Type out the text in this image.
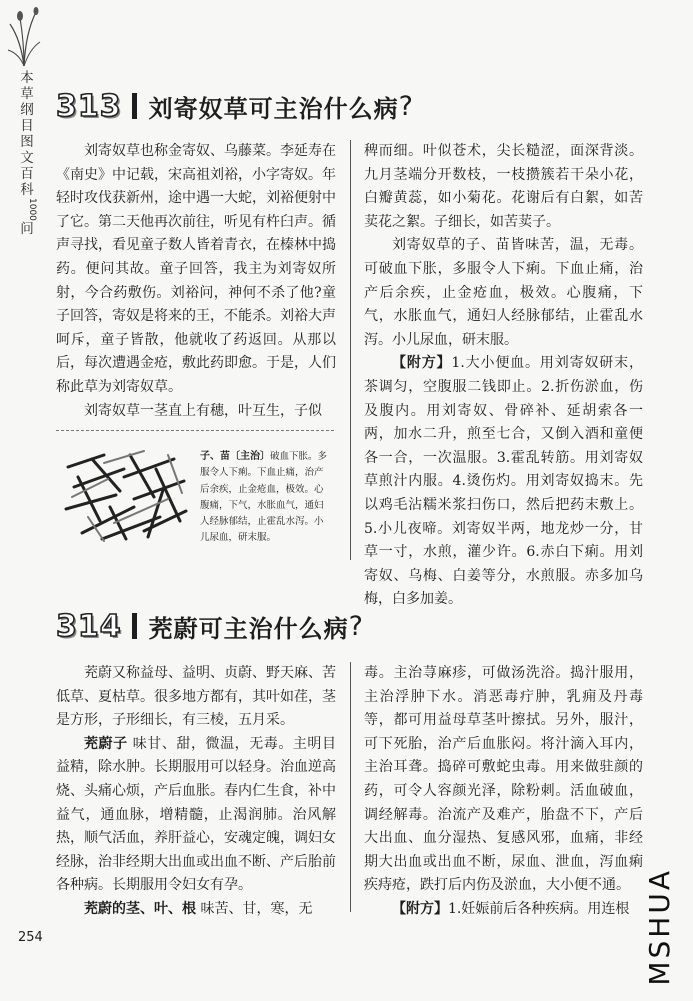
本
草
纲
目
图
文
百
科
1000
问
313 刘寄奴草可主治什么病 ?

刘寄奴草也称金寄奴、乌藤菜。李延寿在《南史》中记载，宋高祖刘裕，小字寄奴。年轻时攻伐获新州，途中遇一大蛇，刘裕便射中了它。第二天他再次前往，听见有杵臼声。循声寻找，看见童子数人皆着青衣，在榛林中捣药。便问其故。童子回答，我主为刘寄奴所射，今合药敷伤。刘裕问，神何不杀了他?童子回答，寄奴是将来的王，不能杀。刘裕大声呵斥，童子皆散，他就收了药返回。从那以后，每次遭遇金疮，敷此药即愈。于是，人们称此草为刘寄奴草。

刘寄奴草一茎直上有穗，叶互生，子似

稗而细。叶似苍术，尖长糙涩，面深背淡。九月茎端分开数枝，一枝攒簇若干朵小花，白瓣黄蕊，如小菊花。花谢后有白絮，如苦荬花之絮。子细长，如苦荬子。

刘寄奴草的子、苗皆味苦，温，无毒。可破血下胀，多服令人下痢。下血止痛，治产后余疾，止金疮血，极效。心腹痛，下气，水胀血气，通妇人经脉郁结，止霍乱水泻。小儿尿血，研末服。

【附方】1.大小便血。用刘寄奴研末，茶调匀，空腹服二钱即止。2.折伤淤血，伤及腹内。用刘寄奴、骨碎补、延胡索各一两，加水二升，煎至七合，又倒入酒和童便各一合，一次温服。3.霍乱转筋。用刘寄奴草煎汁内服。4.烫伤灼。用刘寄奴捣末。先以鸡毛沾糯米浆扫伤口，然后把药末敷上。5.小儿夜啼。刘寄奴半两，地龙炒一分，甘草一寸，水煎，灌少许。6.赤白下痢。用刘寄奴、乌梅、白姜等分，水煎服。赤多加乌梅，白多加姜。

子、苗〔主治〕破血下胀。多服令人下痢。下血止痛，治产后余疾，止金疮血，极效。心腹痛，下气，水胀血气，通妇人经脉郁结，止霍乱水泻。小儿尿血，研末服。
314 茺蔚可主治什么病 ?

茺蔚又称益母、益明、贞蔚、野天麻、苦低草、夏枯草。很多地方都有，其叶如荏，茎是方形，子形细长，有三棱，五月采。

茺蔚子 味甘、甜，微温，无毒。主明目益精，除水肿。长期服用可以轻身。治血逆高烧、头痛心烦，产后血胀。春内仁生食，补中益气，通血脉，增精髓，止渴润肺。治风解热，顺气活血，养肝益心，安魂定魄，调妇女经脉，治非经期大出血或出血不断、产后胎前各种病。长期服用令妇女有孕。

茺蔚的茎、叶、根 味苦、甘，寒，无

毒。主治荨麻疹，可做汤洗浴。捣汁服用，主治浮肿下水。消恶毒疔肿，乳痈及丹毒等，都可用益母草茎叶擦拭。另外，服汁，可下死胎，治产后血胀闷。将汁滴入耳内，主治耳聋。捣碎可敷蛇虫毒。用来做驻颜的药，可令人容颜光泽，除粉刺。活血破血，调经解毒。治流产及难产，胎盘不下，产后大出血、血分湿热、复感风邪，血痛，非经期大出血或出血不断，尿血、泄血，泻血痢疾痔疮，跌打后内伤及淤血，大小便不通。

【附方】1.妊娠前后各种疾病。用连根

254	MSHUA
